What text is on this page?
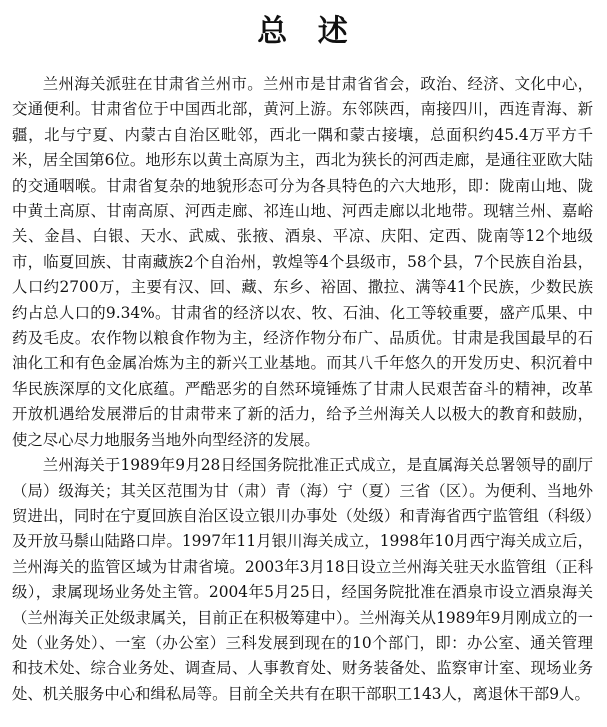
总 述

兰州海关派驻在甘肃省兰州市。兰州市是甘肃省省会，政治、经济、文化中心，交通便利。甘肃省位于中国西北部，黄河上游。东邻陕西，南接四川，西连青海、新疆，北与宁夏、内蒙古自治区毗邻，西北一隅和蒙古接壤，总面积约45.4万平方千米，居全国第6位。地形东以黄土高原为主，西北为狭长的河西走廊，是通往亚欧大陆的交通咽喉。甘肃省复杂的地貌形态可分为各具特色的六大地形，即：陇南山地、陇中黄土高原、甘南高原、河西走廊、祁连山地、河西走廊以北地带。现辖兰州、嘉峪关、金昌、白银、天水、武威、张掖、酒泉、平凉、庆阳、定西、陇南等12个地级市，临夏回族、甘南藏族2个自治州，敦煌等4个县级市，58个县，7个民族自治县，人口约2700万，主要有汉、回、藏、东乡、裕固、撒拉、满等41个民族，少数民族约占总人口的9.34%。甘肃省的经济以农、牧、石油、化工等较重要，盛产瓜果、中药及毛皮。农作物以粮食作物为主，经济作物分布广、品质优。甘肃是我国最早的石油化工和有色金属冶炼为主的新兴工业基地。而其八千年悠久的开发历史、积沉着中华民族深厚的文化底蕴。严酷恶劣的自然环境锤炼了甘肃人民艰苦奋斗的精神，改革开放机遇给发展滞后的甘肃带来了新的活力，给予兰州海关人以极大的教育和鼓励，使之尽心尽力地服务当地外向型经济的发展。

兰州海关于1989年9月28日经国务院批准正式成立，是直属海关总署领导的副厅（局）级海关；其关区范围为甘（肃）青（海）宁（夏）三省（区）。为便利、当地外贸进出，同时在宁夏回族自治区设立银川办事处（处级）和青海省西宁监管组（科级）及开放马鬃山陆路口岸。1997年11月银川海关成立，1998年10月西宁海关成立后，兰州海关的监管区域为甘肃省境。2003年3月18日设立兰州海关驻天水监管组（正科级），隶属现场业务处主管。2004年5月25日，经国务院批准在酒泉市设立酒泉海关（兰州海关正处级隶属关，目前正在积极筹建中）。兰州海关从1989年9月刚成立的一处（业务处）、一室（办公室）三科发展到现在的10个部门，即：办公室、通关管理和技术处、综合业务处、调查局、人事教育处、财务装备处、监察审计室、现场业务处、机关服务中心和缉私局等。目前全关共有在职干部职工143人，离退休干部9人。
